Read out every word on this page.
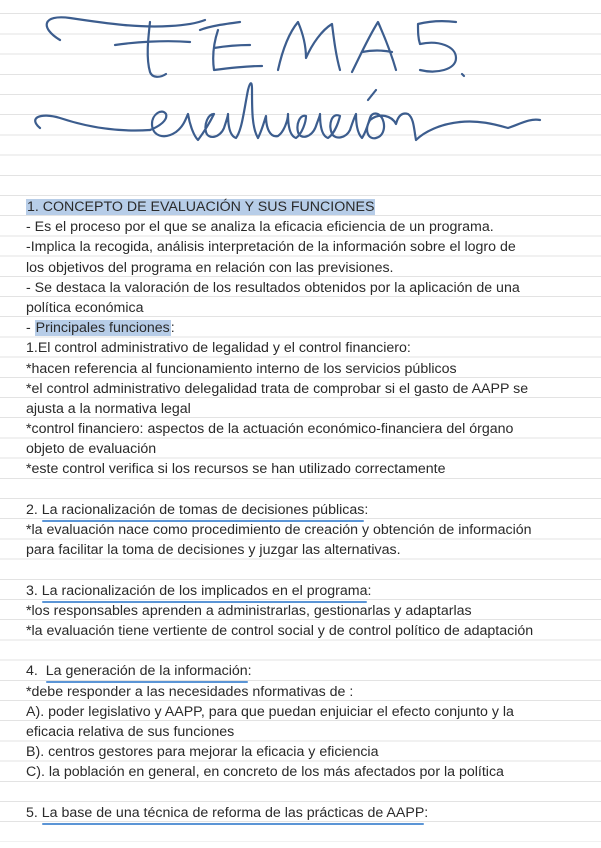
1. CONCEPTO DE EVALUACIÓN Y SUS FUNCIONES
- Es el proceso por el que se analiza la eficacia eficiencia de un programa.
-Implica la recogida, análisis interpretación de la información sobre el logro de
los objetivos del programa en relación con las previsiones.
- Se destaca la valoración de los resultados obtenidos por la aplicación de una
política económica
- Principales funciones:
1.El control administrativo de legalidad y el control financiero:
*hacen referencia al funcionamiento interno de los servicios públicos
*el control administrativo delegalidad trata de comprobar si el gasto de AAPP se
ajusta a la normativa legal
*control financiero: aspectos de la actuación económico-financiera del órgano
objeto de evaluación
*este control verifica si los recursos se han utilizado correctamente
2. La racionalización de tomas de decisiones públicas:
*la evaluación nace como procedimiento de creación y obtención de información
para facilitar la toma de decisiones y juzgar las alternativas.
3. La racionalización de los implicados en el programa:
*los responsables aprenden a administrarlas, gestionarlas y adaptarlas
*la evaluación tiene vertiente de control social y de control político de adaptación
4.  La generación de la información:
*debe responder a las necesidades nformativas de :
A). poder legislativo y AAPP, para que puedan enjuiciar el efecto conjunto y la
eficacia relativa de sus funciones
B). centros gestores para mejorar la eficacia y eficiencia
C). la población en general, en concreto de los más afectados por la política
5. La base de una técnica de reforma de las prácticas de AAPP:
